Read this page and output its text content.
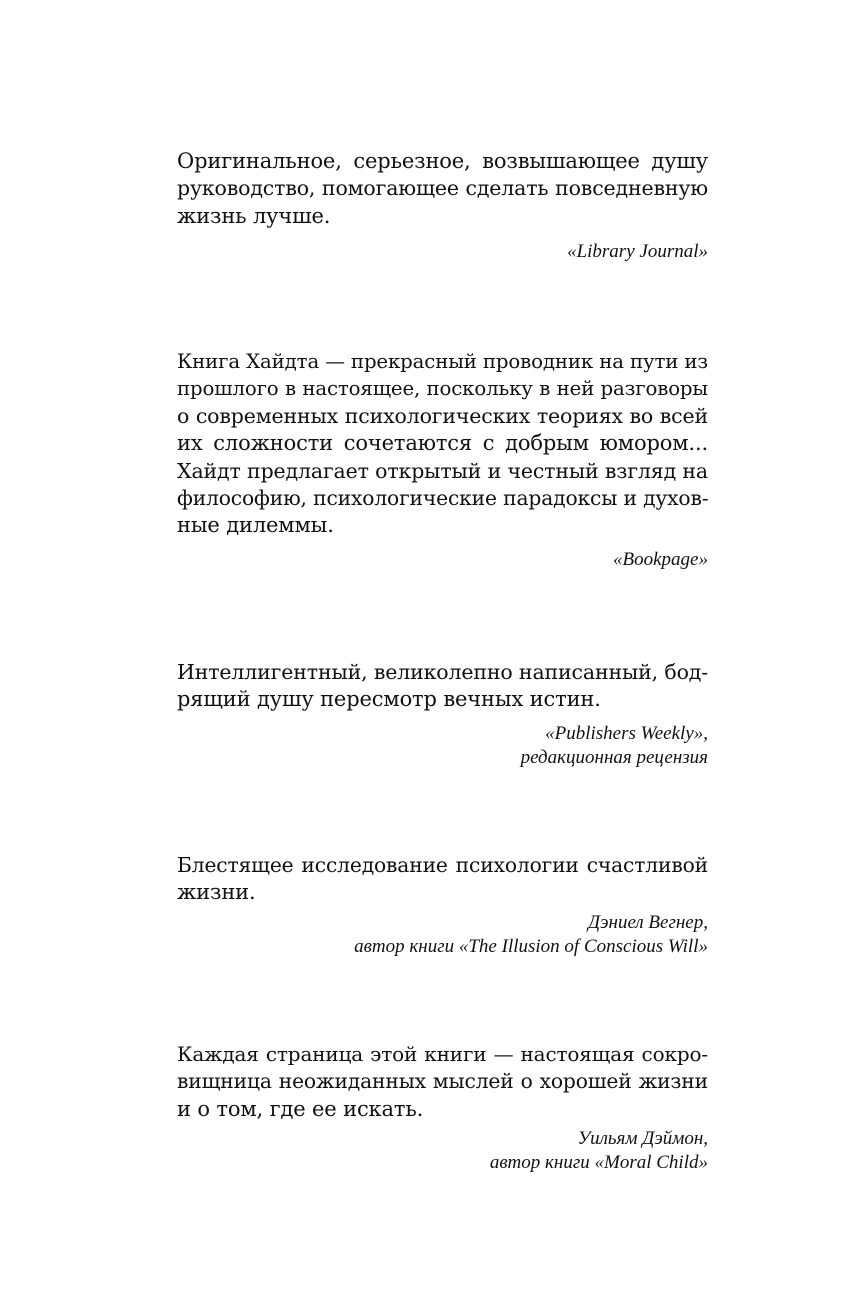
Оригинальное, серьезное, возвышающее душу
руководство, помогающее сделать повседневную
жизнь лучше.

«Library Journal»

Книга Хайдта — прекрасный проводник на пути из
прошлого в настоящее, поскольку в ней разговоры
о современных психологических теориях во всей
их сложности сочетаются с добрым юмором...
Хайдт предлагает открытый и честный взгляд на
философию, психологические парадоксы и духов-
ные дилеммы.

«Bookpage»

Интеллигентный, великолепно написанный, бод-
рящий душу пересмотр вечных истин.

«Publishers Weekly»,
редакционная рецензия

Блестящее исследование психологии счастливой
жизни.

Дэниел Вегнер,
автор книги «The Illusion of Conscious Will»

Каждая страница этой книги — настоящая сокро-
вищница неожиданных мыслей о хорошей жизни
и о том, где ее искать.

Уильям Дэймон,
автор книги «Moral Child»
